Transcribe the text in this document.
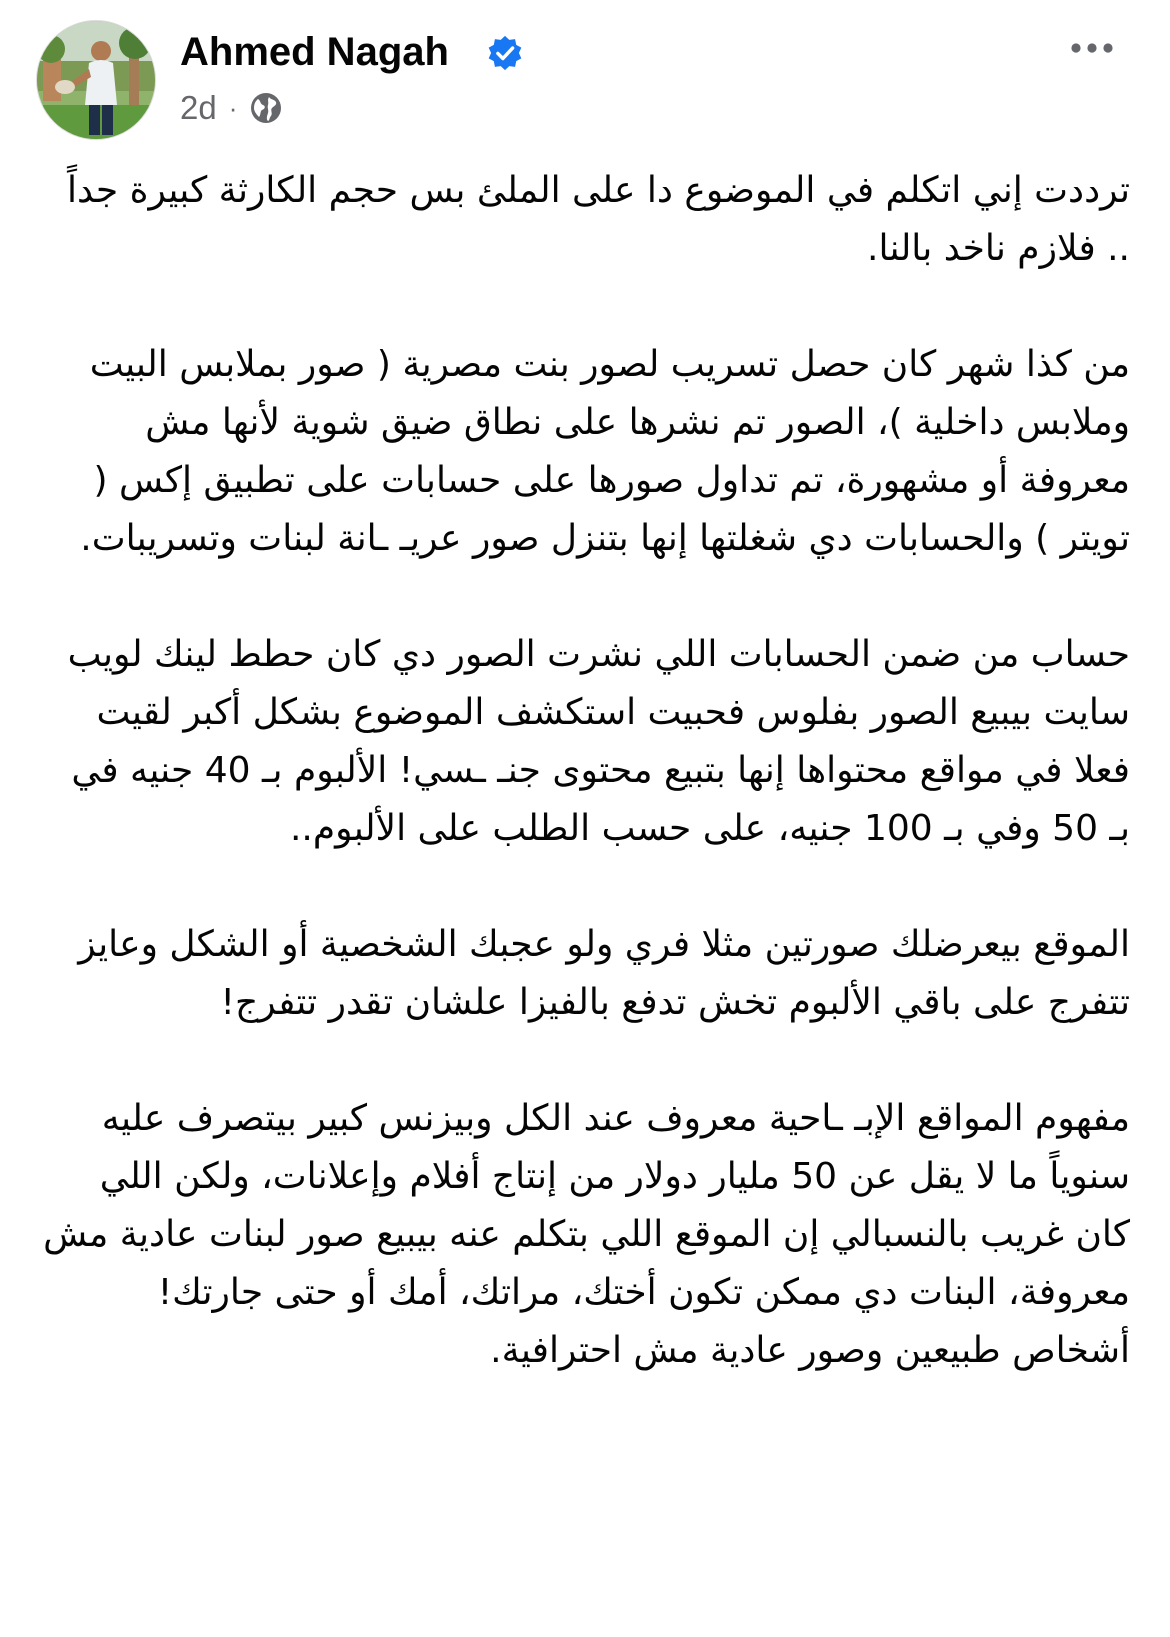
Ahmed Nagah
2d ·

ترددت إني اتكلم في الموضوع دا على الملئ بس حجم الكارثة كبيرة جداً .. فلازم ناخد بالنا.

من كذا شهر كان حصل تسريب لصور بنت مصرية ( صور بملابس البيت وملابس داخلية )، الصور تم نشرها على نطاق ضيق شوية لأنها مش معروفة أو مشهورة، تم تداول صورها على حسابات على تطبيق إكس ( تويتر ) والحسابات دي شغلتها إنها بتنزل صور عريـ ـانة لبنات وتسريبات.

حساب من ضمن الحسابات اللي نشرت الصور دي كان حطط لينك لويب سايت بيبيع الصور بفلوس فحبيت استكشف الموضوع بشكل أكبر لقيت فعلا في مواقع محتواها إنها بتبيع محتوى جنـ ـسي! الألبوم بـ 40 جنيه في بـ 50 وفي بـ 100 جنيه، على حسب الطلب على الألبوم..

الموقع بيعرضلك صورتين مثلا فري ولو عجبك الشخصية أو الشكل وعايز تتفرج على باقي الألبوم تخش تدفع بالفيزا علشان تقدر تتفرج!

مفهوم المواقع الإبـ ـاحية معروف عند الكل وبيزنس كبير بيتصرف عليه سنوياً ما لا يقل عن 50 مليار دولار من إنتاج أفلام وإعلانات، ولكن اللي كان غريب بالنسبالي إن الموقع اللي بتكلم عنه بيبيع صور لبنات عادية مش معروفة، البنات دي ممكن تكون أختك، مراتك، أمك أو حتى جارتك! أشخاص طبيعين وصور عادية مش احترافية.
